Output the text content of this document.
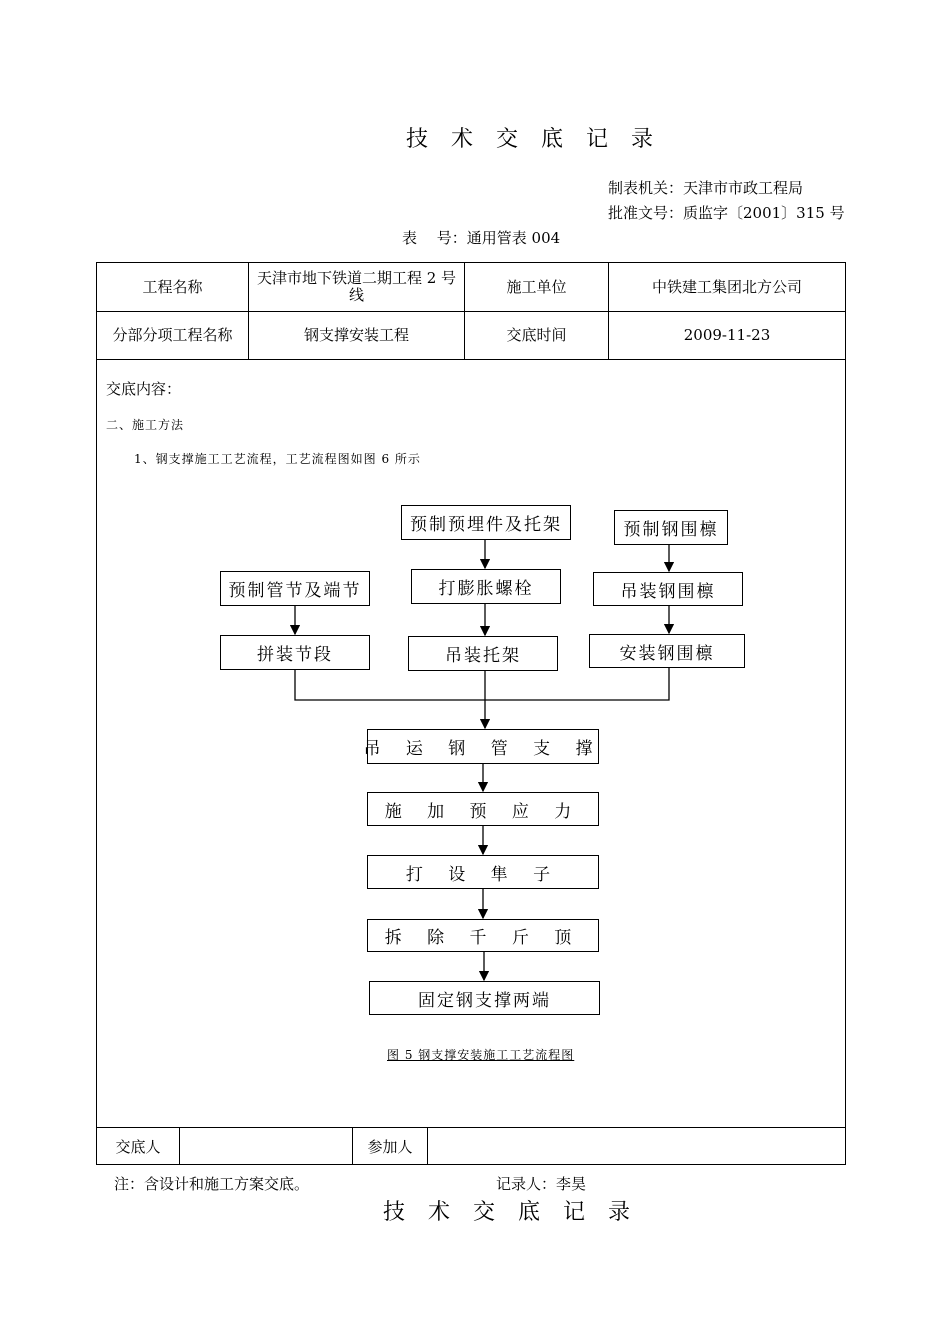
技 术 交 底 记 录
制表机关：天津市市政工程局
批准文号：质监字〔2001〕315 号
表　 号：通用管表 004
工程名称	天津市地下铁道二期工程 2 号线	施工单位	中铁建工集团北方公司
分部分项工程名称	钢支撑安装工程	交底时间	2009-11-23
交底内容：
二、施工方法
1、钢支撑施工工艺流程，工艺流程图如图 6 所示
预制管节及端节
拼装节段
预制预埋件及托架
打膨胀螺栓
吊装托架
预制钢围檩
吊装钢围檩
安装钢围檩
吊 运 钢 管 支 撑
施 加 预 应 力
打 设 隼 子
拆 除 千 斤 顶
固定钢支撑两端
图 5 钢支撑安装施工工艺流程图
交底人		参加人	
注：含设计和施工方案交底。	记录人：李昊
技 术 交 底 记 录
